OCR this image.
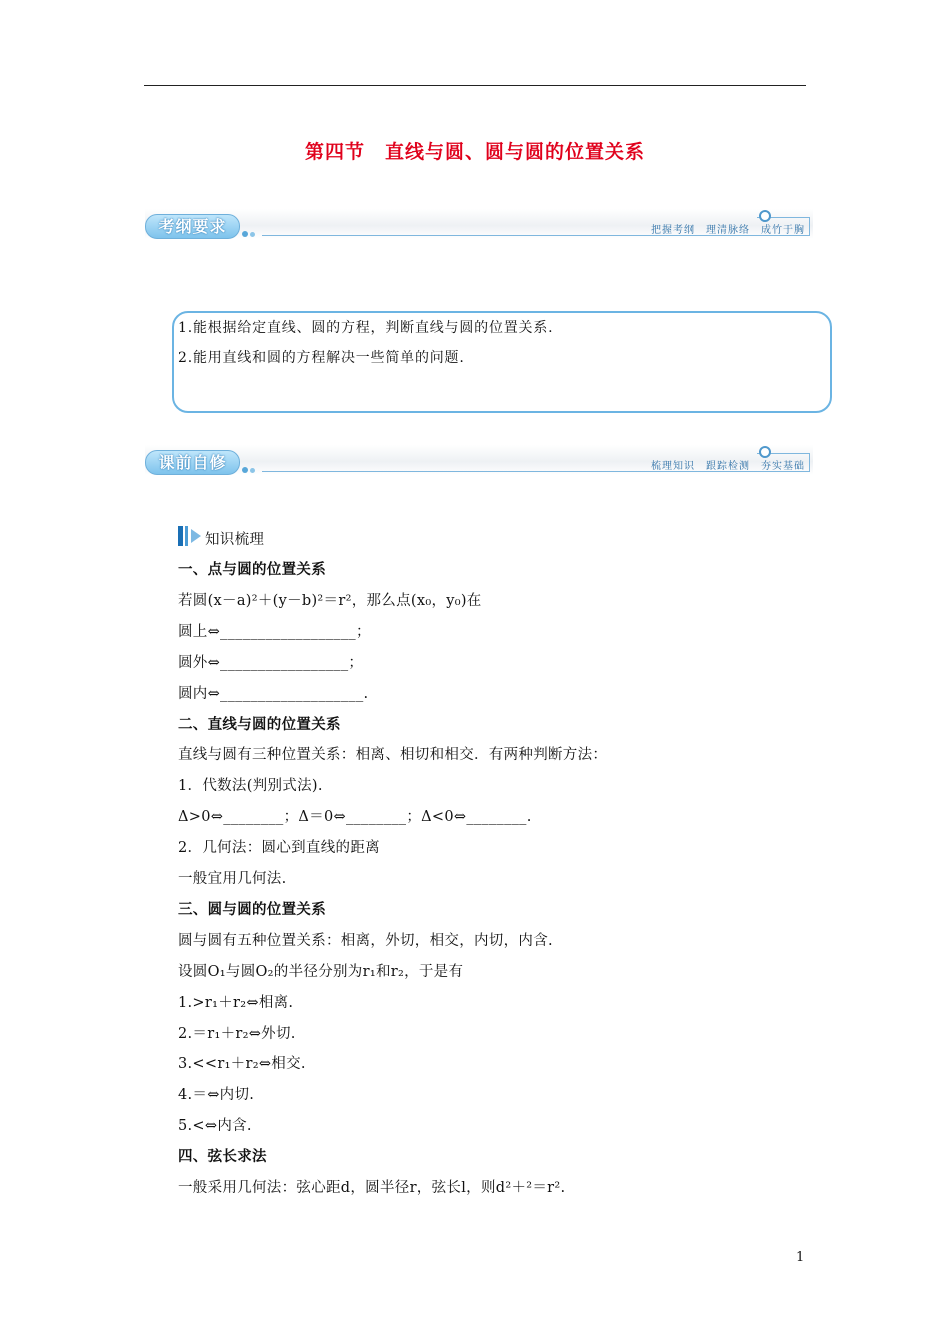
第四节　直线与圆、圆与圆的位置关系
考纲要求	把握考纲　理清脉络　成竹于胸

1.能根据给定直线、圆的方程，判断直线与圆的位置关系.

2.能用直线和圆的方程解决一些简单的问题.

课前自修	梳理知识　跟踪检测　夯实基础
知识梳理
一、点与圆的位置关系
若圆(x－a)²＋(y－b)²＝r²，那么点(x₀，y₀)在
圆上⇔__________________；
圆外⇔_________________；
圆内⇔___________________.
二、直线与圆的位置关系
直线与圆有三种位置关系：相离、相切和相交．有两种判断方法：
1．代数法(判别式法).
Δ>0⇔________；Δ＝0⇔________；Δ<0⇔________.
2．几何法：圆心到直线的距离
一般宜用几何法.
三、圆与圆的位置关系
圆与圆有五种位置关系：相离，外切，相交，内切，内含.
设圆O₁与圆O₂的半径分别为r₁和r₂，于是有
1.>r₁＋r₂⇔相离.
2.＝r₁＋r₂⇔外切.
3.<<r₁＋r₂⇔相交.
4.＝⇔内切.
5.<⇔内含.
四、弦长求法
一般采用几何法：弦心距d，圆半径r，弦长l，则d²＋²＝r².
1
